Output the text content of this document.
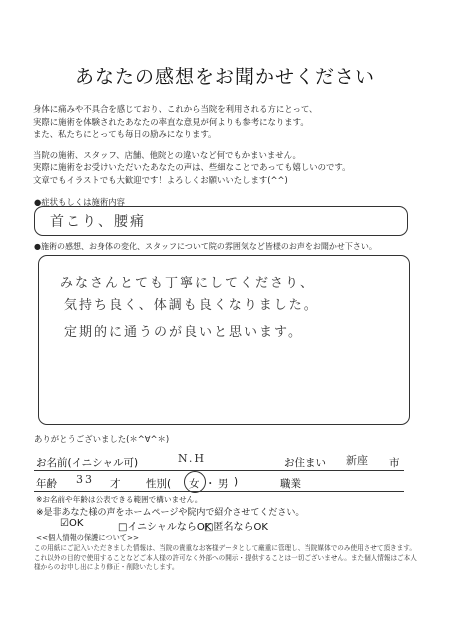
あなたの感想をお聞かせください

身体に痛みや不具合を感じており、これから当院を利用される方にとって、
実際に施術を体験されたあなたの率直な意見が何よりも参考になります。
また、私たちにとっても毎日の励みになります。

当院の施術、スタッフ、店舗、他院との違いなど何でもかまいません。
実際に施術をお受けいただいたあなたの声は、些細なことであっても嬉しいのです。
文章でもイラストでも大歓迎です！よろしくお願いいたします(^^)

●症状もしくは施術内容
首こり、腰痛
●施術の感想、お身体の変化、スタッフについて院の雰囲気など皆様のお声をお聞かせ下さい。
みなさんとても丁寧にしてくださり、
気持ち良く、体調も良くなりました。
定期的に通うのが良いと思います。
ありがとうございました(＊^∀^＊)
お名前(イニシャル可)	N.H	お住まい 新座 市
年齢 33 才 性別( 女 ・ 男 )	職業
※お名前や年齢は公表できる範囲で構いません。
※是非あなた様の声をホームページや院内で紹介させてください。
☑OK	□イニシャルならOK
□匿名ならOK
<<個人情報の保護について>>
この用紙にご記入いただきました情報は、当院の貴重なお客様データとして厳重に管理し、当院媒体でのみ使用させて頂きます。
これ以外の目的で使用することなどご本人様の許可なく外部への開示・提供することは一切ございません。また個人情報はご本人
様からのお申し出により修正・削除いたします。
